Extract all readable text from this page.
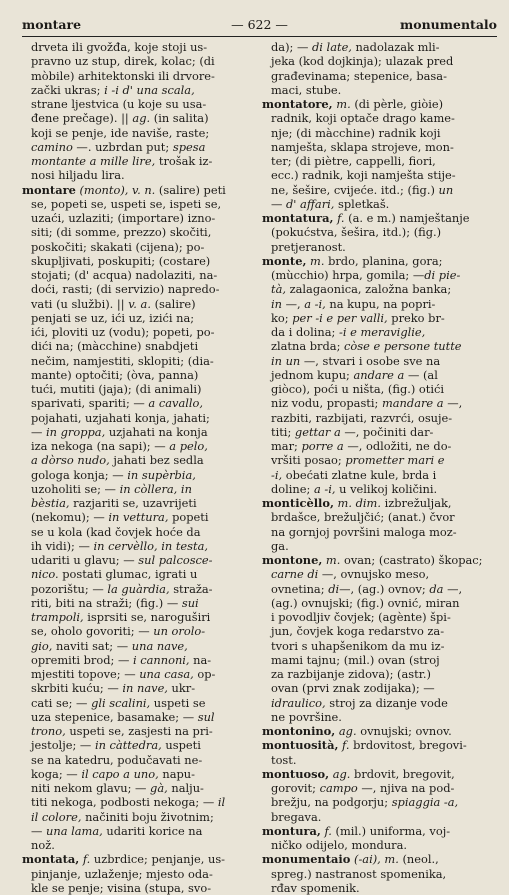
montare	— 622 —	monumentalo
drveta ili gvožđa, koje stoji us-
pravno uz stup, direk, kolac; (di
mòbile) arhitektonski ili drvore-
zački ukras; i -i d' una scala,
strane ljestvica (u koje su usa-
đene prečage). || ag. (in salita)
koji se penje, ide naviše, raste;
camino —. uzbrdan put; spesa
montante a mille lire, trošak iz-
nosi hiljadu lira.
montare (monto), v. n. (salire) peti
se, popeti se, uspeti se, ispeti se,
uzaći, uzlaziti; (importare) izno-
siti; (di somme, prezzo) skočiti,
poskočiti; skakati (cijena); po-
skupljivati, poskupiti; (costare)
stojati; (d' acqua) nadolaziti, na-
doći, rasti; (di servizio) napredo-
vati (u službi). || v. a. (salire)
penjati se uz, ići uz, izići na;
ići, ploviti uz (vodu); popeti, po-
dići na; (màcchine) snabdjeti
nečim, namjestiti, sklopiti; (dia-
mante) optočiti; (òva, panna)
tući, mutiti (jaja); (di animali)
sparivati, spariti; — a cavallo,
pojahati, uzjahati konja, jahati;
— in groppa, uzjahati na konja
iza nekoga (na sapi); — a pelo,
a dòrso nudo, jahati bez sedla
gologa konja; — in supèrbia,
uzoholiti se; — in còllera, in
bèstia, razjariti se, uzavrijeti
(nekomu); — in vettura, popeti
se u kola (kad čovjek hoće da
ih vidi); — in cervèllo, in testa,
udariti u glavu; — sul palcosce-
nico. postati glumac, igrati u
pozorištu; — la guàrdia, straža-
riti, biti na straži; (fig.) — sui
trampoli, isprsiti se, naroguširi
se, oholo govoriti; — un orolo-
gio, naviti sat; — una nave,
opremiti brod; — i cannoni, na-
mjestiti topove; — una casa, op-
skrbiti kuću; — in nave, ukr-
cati se; — gli scalini, uspeti se
uza stepenice, basamake; — sul
trono, uspeti se, zasjesti na pri-
jestolje; — in càttedra, uspeti
se na katedru, podučavati ne-
koga; — il capo a uno, napu-
niti nekom glavu; — gà, nalju-
titi nekoga, podbosti nekoga; — il
il colore, načiniti boju životnim;
— una lama, udariti korice na
nož.
montata, f. uzbrdice; penjanje, us-
pinjanje, uzlaženje; mjesto oda-
kle se penje; visina (stupa, svo-
da); — di late, nadolazak mli-
jeka (kod dojkinja); ulazak pred
građevinama; stepenice, basa-
maci, stube.
montatore, m. (di pèrle, giòie)
radnik, koji optače drago kame-
nje; (di màcchine) radnik koji
namješta, sklapa strojeve, mon-
ter; (di piètre, cappelli, fiori,
ecc.) radnik, koji namješta stije-
ne, šešire, cvijeće. itd.; (fig.) un
— d' affari, spletkaš.
montatura, f. (a. e m.) namještanje
(pokućstva, šešira, itd.); (fig.)
pretjeranost.
monte, m. brdo, planina, gora;
(mùcchio) hrpa, gomila; —di pie-
tà, zalagaonica, založna banka;
in —, a -i, na kupu, na popri-
ko; per -i e per valli, preko br-
da i dolina; -i e meraviglie,
zlatna brda; còse e persone tutte
in un —, stvari i osobe sve na
jednom kupu; andare a — (al
giòco), poći u ništa, (fig.) otići
niz vodu, propasti; mandare a —,
razbiti, razbijati, razvrći, osuje-
titi; gettar a —, počiniti dar-
mar; porre a —, odložiti, ne do-
vršiti posao; prometter mari e
-i, obećati zlatne kule, brda i
doline; a -i, u velikoj količini.
monticèllo, m. dim. izbrežuljak,
brdašce, brežuljčić; (anat.) čvor
na gornjoj površini maloga moz-
ga.
montone, m. ovan; (castrato) škopac;
carne di —, ovnujsko meso,
ovnetina; di—, (ag.) ovnov; da —,
(ag.) ovnujski; (fig.) ovnić, miran
i povodljiv čovjek; (agènte) špi-
jun, čovjek koga redarstvo za-
tvori s uhapšenikom da mu iz-
mami tajnu; (mil.) ovan (stroj
za razbijanje zidova); (astr.)
ovan (prvi znak zodijaka); —
idraulico, stroj za dizanje vode
ne površine.
montonino, ag. ovnujski; ovnov.
montuosità, f. brdovitost, bregovi-
tost.
montuoso, ag. brdovit, bregovit,
gorovit; campo —, njiva na pod-
brežju, na podgorju; spiaggia -a,
bregava.
montura, f. (mil.) uniforma, voj-
ničko odijelo, mondura.
monumentaio (-ai), m. (neol.,
spreg.) nastranost spomenika,
rđav spomenik.
